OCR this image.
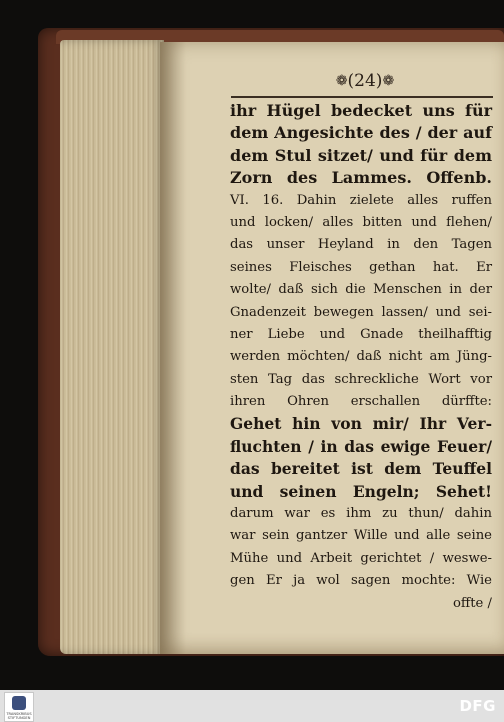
❁(24)❁
ihr Hügel bedecket uns für
dem Angesichte des / der auf
dem Stul sitzet/ und für dem
Zorn des Lammes. Offenb.
VI. 16. Dahin zielete alles ruffen
und locken/ alles bitten und flehen/
das unser Heyland in den Tagen
seines Fleisches gethan hat. Er
wolte/ daß sich die Menschen in der
Gnadenzeit bewegen lassen/ und sei-
ner Liebe und Gnade theilhafftig
werden möchten/ daß nicht am Jüng-
sten Tag das schreckliche Wort vor
ihren Ohren erschallen dürffte:
Gehet hin von mir/ Ihr Ver-
fluchten / in das ewige Feuer/
das bereitet ist dem Teuffel
und seinen Engeln; Sehet!
darum war es ihm zu thun/ dahin
war sein gantzer Wille und alle seine
Mühe und Arbeit gerichtet / weswe-
gen Er ja wol sagen mochte: Wie
offte /
TRANSKRIBUS STIFTUNGEN
DFG
